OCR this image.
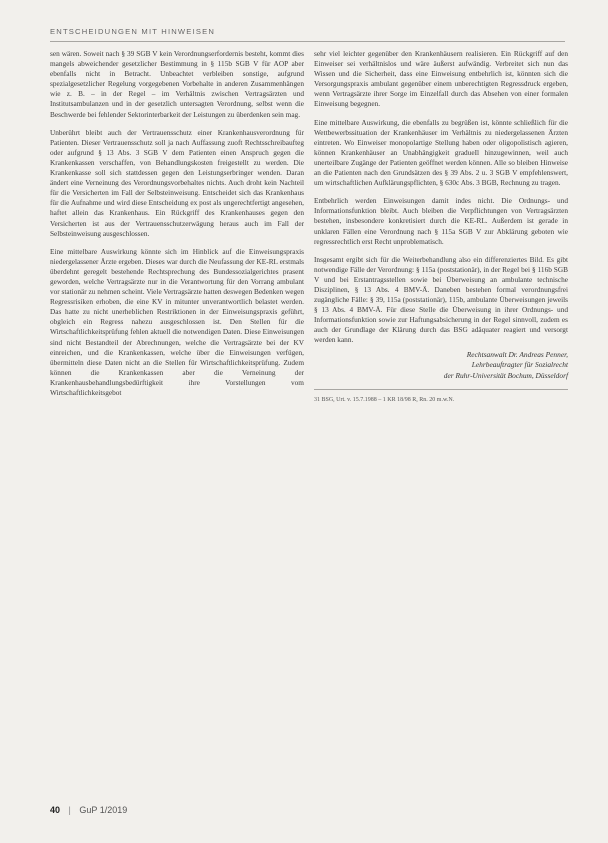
ENTSCHEIDUNGEN MIT HINWEISEN

sen wären. Soweit nach § 39 SGB V kein Verordnungserfordernis besteht, kommt dies mangels abweichender gesetzlicher Bestimmung in § 115b SGB V für AOP aber ebenfalls nicht in Betracht. Unbeachtet verbleiben sonstige, aufgrund spezialgesetzlicher Regelung vorgegebenen Vorbehalte in anderen Zusammenhängen wie z. B. – in der Regel – im Verhältnis zwischen Vertragsärzten und Institutsambulanzen und in der gesetzlich untersagten Verordnung, selbst wenn die Beschwerde bei fehlender Sektorinterbarkeit der Leistungen zu überdenken sein mag.

Unberührt bleibt auch der Vertrauensschutz einer Krankenhausverordnung für Patienten. Dieser Vertrauensschutz soll ja nach Auffassung zuoft Rechtsschreibaufteg oder aufgrund § 13 Abs. 3 SGB V dem Patienten einen Anspruch gegen die Krankenkassen verschaffen, von Behandlungskosten freigestellt zu werden. Die Krankenkasse soll sich stattdessen gegen den Leistungserbringer wenden. Daran ändert eine Verneinung des Verordnungsvorbehaltes nichts. Auch droht kein Nachteil für die Versicherten im Fall der Selbsteinweisung. Entscheidet sich das Krankenhaus für die Aufnahme und wird diese Entscheidung ex post als ungerechtfertigt angesehen, haftet allein das Krankenhaus. Ein Rückgriff des Krankenhauses gegen den Versicherten ist aus der Vertrauensschutzerwägung heraus auch im Fall der Selbsteinweisung ausgeschlossen.

Eine mittelbare Auswirkung könnte sich im Hinblick auf die Einweisungspraxis niedergelassener Ärzte ergeben. Dieses war durch die Neufassung der KE-RL erstmals überdehnt geregelt bestehende Rechtsprechung des Bundessozialgerichtes prasent geworden, welche Vertragsärzte nur in die Verantwortung für den Vorrang ambulant vor stationär zu nehmen scheint. Viele Vertragsärzte hatten deswegen Bedenken wegen Regressrisiken erhoben, die eine KV in mitunter unverantwortlich belastet werden. Das hatte zu nicht unerheblichen Restriktionen in der Einweisungspraxis geführt, obgleich ein Regress nahezu ausgeschlossen ist. Den Stellen für die Wirtschaftlichkeitsprüfung fehlen aktuell die notwendigen Daten. Diese Einweisungen sind nicht Bestandteil der Abrechnungen, welche die Vertragsärzte bei der KV einreichen, und die Krankenkassen, welche über die Einweisungen verfügen, übermitteln diese Daten nicht an die Stellen für Wirtschaftlichkeitsprüfung. Zudem können die Krankenkassen aber die Verneinung der Krankenhausbehandlungsbedürftigkeit ihre Vorstellungen vom Wirtschaftlichkeitsgebot

sehr viel leichter gegenüber den Krankenhäusern realisieren. Ein Rückgriff auf den Einweiser sei verhältnislos und wäre äußerst aufwändig. Verbreitet sich nun das Wissen und die Sicherheit, dass eine Einweisung entbehrlich ist, könnten sich die Versorgungspraxis ambulant gegenüber einem unberechtigten Regressdruck ergeben, wenn Vertragsärzte ihrer Sorge im Einzelfall durch das Absehen von einer formalen Einweisung begegnen.

Eine mittelbare Auswirkung, die ebenfalls zu begrüßen ist, könnte schließlich für die Wettbewerbssituation der Krankenhäuser im Verhältnis zu niedergelassenen Ärzten eintreten. Wo Einweiser monopolartige Stellung haben oder oligopolistisch agieren, können Krankenhäuser an Unabhängigkeit gradueIl hinzugewinnen, weil auch unerteilbare Zugänge der Patienten geöffnet werden können. Alle so bleiben Hinweise an die Patienten nach den Grundsätzen des § 39 Abs. 2 u. 3 SGB V empfehlenswert, um wirtschaftlichen Aufklärungspflichten, § 630c Abs. 3 BGB, Rechnung zu tragen.

Entbehrlich werden Einweisungen damit indes nicht. Die Ordnungs- und Informationsfunktion bleibt. Auch bleiben die Verpflichtungen von Vertragsärzten bestehen, insbesondere konkretisiert durch die KE-RL. Außerdem ist gerade in unklaren Fällen eine Verordnung nach § 115a SGB V zur Abklärung geboten wie regressrechtlich erst Recht unproblematisch.

Insgesamt ergibt sich für die Weiterbehandlung also ein differenziertes Bild. Es gibt notwendige Fälle der Verordnung: § 115a (poststationär), in der Regel bei § 116b SGB V und bei Erstantragsstellen sowie bei Überweisung an ambulante technische Disziplinen, § 13 Abs. 4 BMV-Ä. Daneben bestehen formal verordnungsfrei zugängliche Fälle: § 39, 115a (poststationär), 115b, ambulante Überweisungen jeweils § 13 Abs. 4 BMV-Ä. Für diese Stelle die Überweisung in ihrer Ordnungs- und Informationsfunktion sowie zur Haftungsabsicherung in der Regel sinnvoll, zudem es auch der Grundlage der Klärung durch das BSG adäquater reagiert und versorgt werden kann.

Rechtsanwalt Dr. Andreas Penner,
Lehrbeauftragter für Sozialrecht
der Ruhr-Universität Bochum, Düsseldorf
31 BSG, Urt. v. 15.7.1988 – 1 KR 18/98 R, Rn. 20 m.w.N.
40 | GuP 1/2019
